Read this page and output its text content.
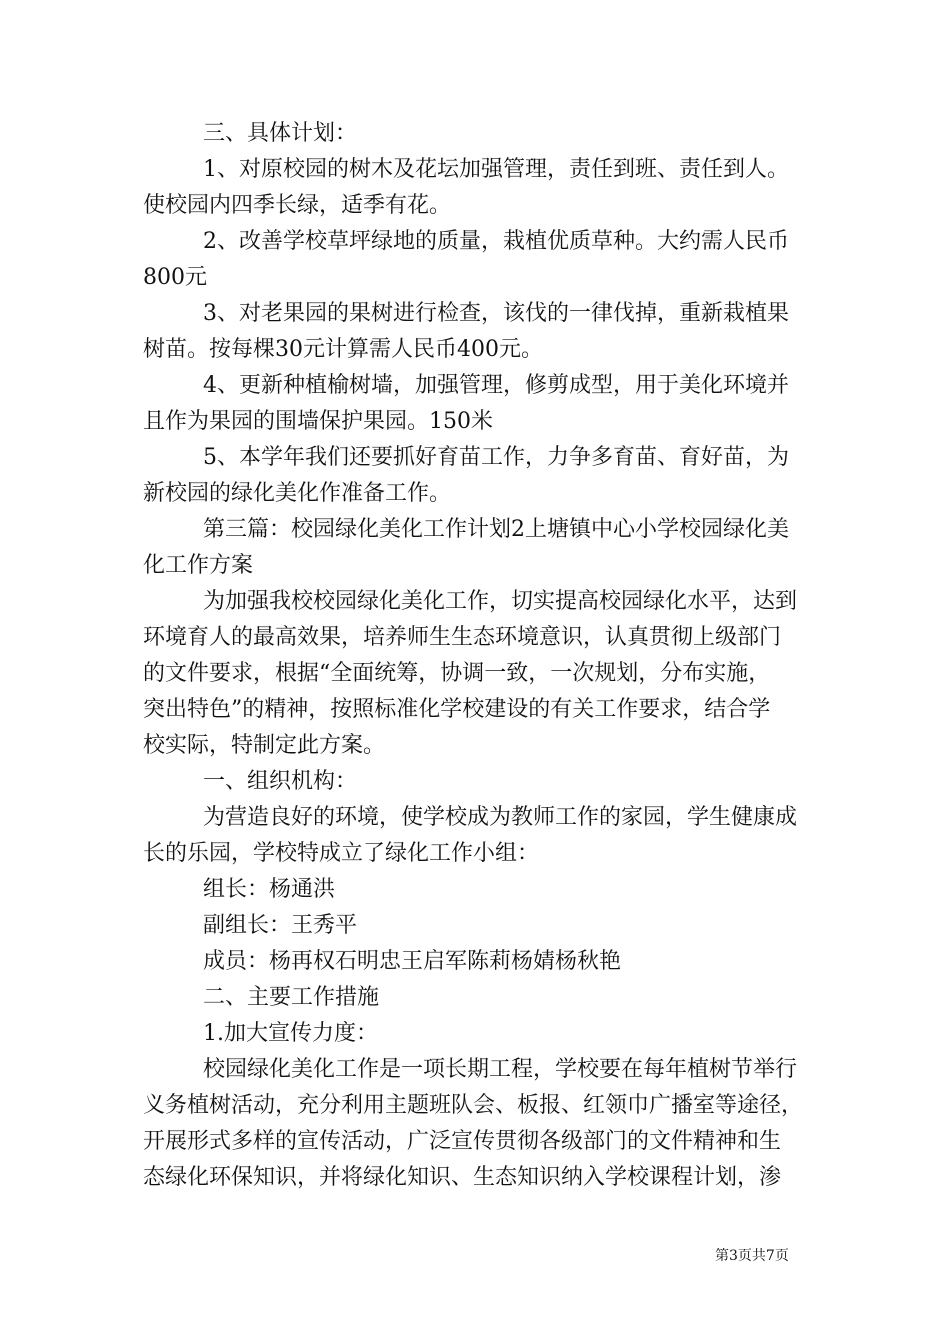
三、具体计划：
1、对原校园的树木及花坛加强管理，责任到班、责任到人。
使校园内四季长绿，适季有花。
2、改善学校草坪绿地的质量，栽植优质草种。大约需人民币
800元
3、对老果园的果树进行检查，该伐的一律伐掉，重新栽植果
树苗。按每棵30元计算需人民币400元。
4、更新种植榆树墙，加强管理，修剪成型，用于美化环境并
且作为果园的围墙保护果园。150米
5、本学年我们还要抓好育苗工作，力争多育苗、育好苗，为
新校园的绿化美化作准备工作。
第三篇：校园绿化美化工作计划2上塘镇中心小学校园绿化美
化工作方案
为加强我校校园绿化美化工作，切实提高校园绿化水平，达到
环境育人的最高效果，培养师生生态环境意识，认真贯彻上级部门
的文件要求，根据“全面统筹，协调一致，一次规划，分布实施，
突出特色”的精神，按照标准化学校建设的有关工作要求，结合学
校实际，特制定此方案。
一、组织机构：
为营造良好的环境，使学校成为教师工作的家园，学生健康成
长的乐园，学校特成立了绿化工作小组：
组长：杨通洪
副组长：王秀平
成员：杨再权石明忠王启军陈莉杨婧杨秋艳
二、主要工作措施
1.加大宣传力度：
校园绿化美化工作是一项长期工程，学校要在每年植树节举行
义务植树活动，充分利用主题班队会、板报、红领巾广播室等途径，
开展形式多样的宣传活动，广泛宣传贯彻各级部门的文件精神和生
态绿化环保知识，并将绿化知识、生态知识纳入学校课程计划，渗
第3页共7页
